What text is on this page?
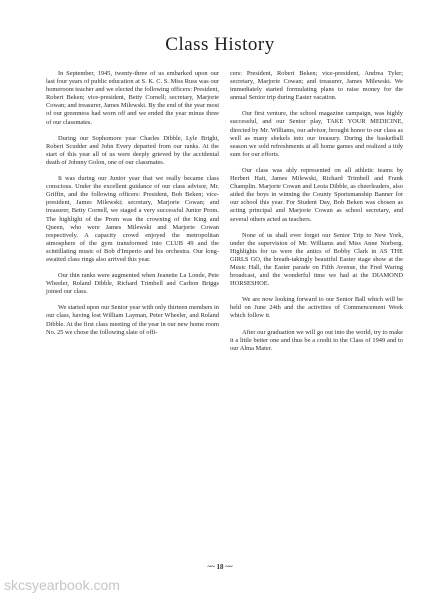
Class History

In September, 1945, twenty-three of us embarked upon our last four years of public education at S. K. C. S. Miss Russ was our homeroom teacher and we elected the following officers: President, Robert Beken; vice-president, Betty Cornell; secretary, Marjorie Cowan; and treasurer, James Milewski. By the end of the year most of our greenness had worn off and we ended the year minus three of our classmates.

During our Sophomore year Charles Dibble, Lyle Bright, Robert Scudder and John Every departed from our ranks. At the start of this year all of us were deeply grieved by the accidental death of Johnny Golon, one of our classmates.

It was during our Junior year that we really became class conscious. Under the excellent guidance of our class advisor, Mr. Griffin, and the following officers: President, Bob Beken; vice-president, James Milewski; secretary, Marjorie Cowan; and treasurer, Betty Cornell, we staged a very successful Junior Prom. The highlight of the Prom was the crowning of the King and Queen, who were James Milewski and Marjorie Cowan respectively. A capacity crowd enjoyed the metropolitan atmosphere of the gym transformed into CLUB 49 and the scintillating music of Bob d'Imperio and his orchestra. Our long-awaited class rings also arrived this year.

Our thin ranks were augmented when Jeanette La Londe, Pete Wheeler, Roland Dibble, Richard Trimbell and Carlton Briggs joined our class.

We started upon our Senior year with only thirteen members in our class, having lost William Layman, Peter Wheeler, and Roland Dibble. At the first class meeting of the year in our new home room No. 25 we chose the following slate of offi-

cers: President, Robert Beken; vice-president, Andrea Tyler; secretary, Marjorie Cowan; and treasurer, James Milewski. We immediately started formulating plans to raise money for the annual Senior trip during Easter vacation.

Our first venture, the school magazine campaign, was highly successful, and our Senior play, TAKE YOUR MEDICINE, directed by Mr. Williams, our advisor, brought honor to our class as well as many shekels into our treasury. During the basketball season we sold refreshments at all home games and realized a tidy sum for our efforts.

Our class was ably represented on all athletic teams by Herbert Hait, James Milewski, Richard Trimbell and Frank Champlin. Marjorie Cowan and Leota Dibble, as cheerleaders, also aided the boys in winning the County Sportsmanship Banner for our school this year. For Student Day, Bob Beken was chosen as acting principal and Marjorie Cowan as school secretary, and several others acted as teachers.

None of us shall ever forget our Senior Trip to New York, under the supervision of Mr. Williams and Miss Anne Norberg. Highlights for us were the antics of Bobby Clark in AS THE GIRLS GO, the breath-takingly beautiful Easter stage show at the Music Hall, the Easter parade on Fifth Avenue, the Fred Waring broadcast, and the wonderful time we had at the DIAMOND HORSESHOE.

We are now looking forward to our Senior Ball which will be held on June 24th and the activities of Commencement Week which follow it.

After our graduation we will go out into the world, try to make it a little better one and thus be a credit to the Class of 1949 and to our Alma Mater.

~~ 18 ~~
skcsyearbook.com
